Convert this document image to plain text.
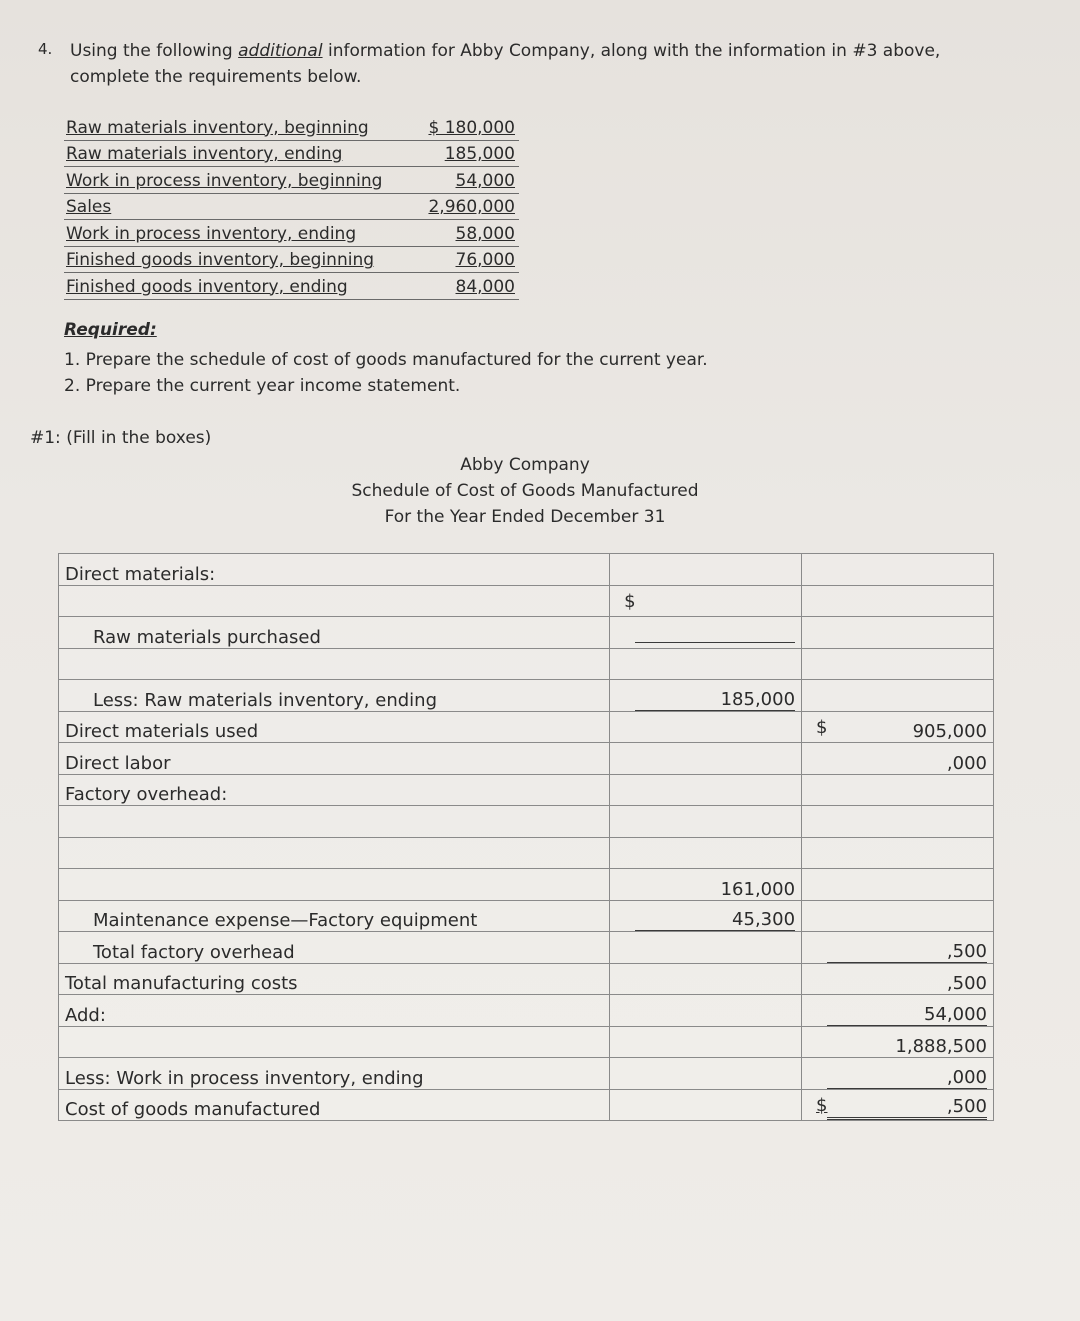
4. Using the following additional information for Abby Company, along with the information in #3 above, complete the requirements below.
Raw materials inventory, beginning	$ 180,000
Raw materials inventory, ending	185,000
Work in process inventory, beginning	54,000
Sales	2,960,000
Work in process inventory, ending	58,000
Finished goods inventory, beginning	76,000
Finished goods inventory, ending	84,000
Required:
1. Prepare the schedule of cost of goods manufactured for the current year.
2. Prepare the current year income statement.
#1: (Fill in the boxes)
Abby Company
Schedule of Cost of Goods Manufactured
For the Year Ended December 31
Direct materials:		

	$	

Raw materials purchased		

Less: Raw materials inventory, ending	185,000	
Direct materials used		$ 905,000
Direct labor		,000
Factory overhead:		

	161,000	
Maintenance expense—Factory equipment	45,300	
Total factory overhead		,500
Total manufacturing costs		,500
Add:		54,000
		1,888,500
Less: Work in process inventory, ending		,000
Cost of goods manufactured		$ ,500
